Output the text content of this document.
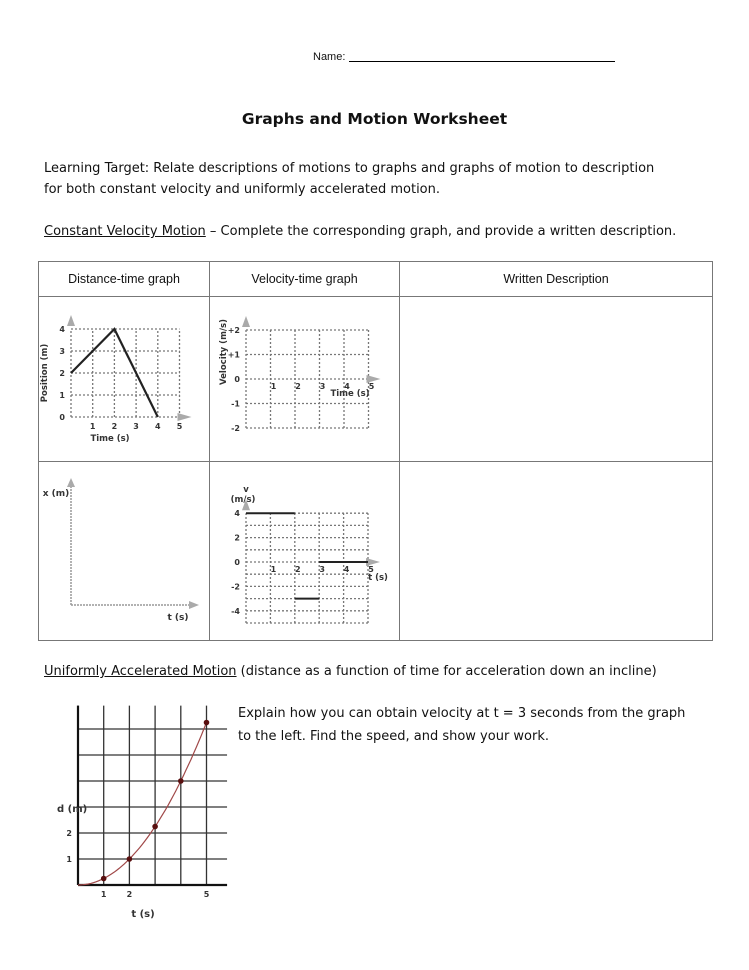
Name:
Graphs and Motion Worksheet
Learning Target: Relate descriptions of motions to graphs and graphs of motion to description
for both constant velocity and uniformly accelerated motion.
Constant Velocity Motion – Complete the corresponding graph, and provide a written description.
Distance-time graph	Velocity-time graph	Written Description

Uniformly Accelerated Motion (distance as a function of time for acceleration down an incline)
Explain how you can obtain velocity at t = 3 seconds from the graph
to the left. Find the speed, and show your work.
1 2 3 4 5
0
1
2
3
4
Time (s)
Position (m)	1 2 3 4 5
+2
+1
0
-1
-2
Time (s)
Velocity (m/s)
t (s)
x (m)
1 2 3 4 5
4
2
0
-2
-4
t (s)
v
(m/s)
1	2	5
1
2
t (s)
d (m)
